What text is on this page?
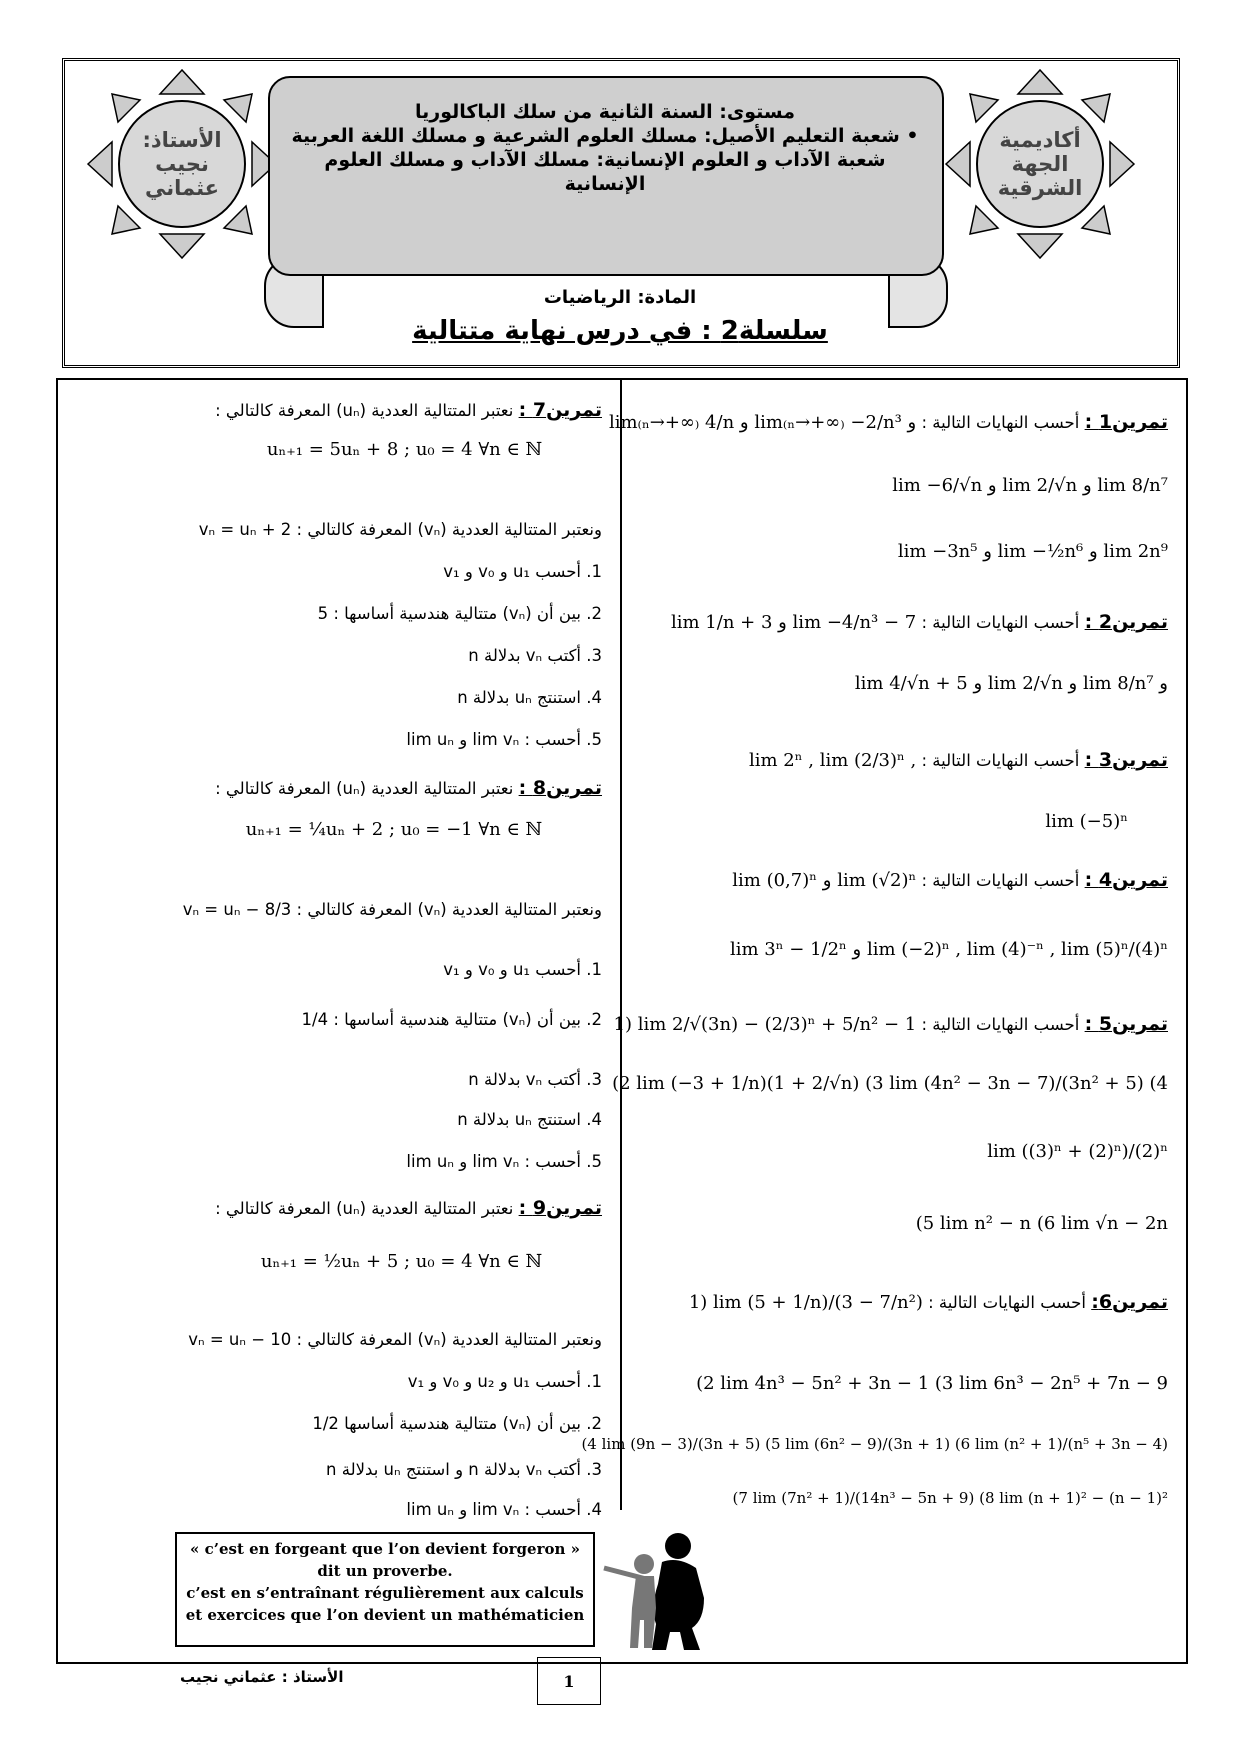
الأستاذ: نجيب عثماني
أكاديمية الجهة الشرقية
مستوى: السنة الثانية من سلك الباكالوريا
• شعبة التعليم الأصيل: مسلك العلوم الشرعية و مسلك اللغة العربية
شعبة الآداب و العلوم الإنسانية: مسلك الآداب و مسلك العلوم الإنسانية
المادة: الرياضيات
سلسلة2 : في درس نهاية متتالية
تمرين1 : أحسب النهايات التالية : lim₍ₙ→+∞₎ 4/n و lim₍ₙ→+∞₎ −2/n³ و
lim −6/√n و lim 2/√n و lim 8/n⁷
lim −3n⁵ و lim −½n⁶ و lim 2n⁹
تمرين2 : أحسب النهايات التالية : lim 1/n + 3 و lim −4/n³ − 7
lim 4/√n + 5 و lim 2/√n و lim 8/n⁷ و
تمرين3 : أحسب النهايات التالية : lim 2ⁿ , lim (2/3)ⁿ ,
lim (−5)ⁿ
تمرين4 : أحسب النهايات التالية : lim (0,7)ⁿ و lim (√2)ⁿ
lim 3ⁿ − 1/2ⁿ و lim (−2)ⁿ , lim (4)⁻ⁿ , lim (5)ⁿ/(4)ⁿ
تمرين5 : أحسب النهايات التالية : 1) lim 2/√(3n) − (2/3)ⁿ + 5/n² − 1
(2 lim (−3 + 1/n)(1 + 2/√n) (3 lim (4n² − 3n − 7)/(3n² + 5) (4
lim ((3)ⁿ + (2)ⁿ)/(2)ⁿ
(5 lim n² − n (6 lim √n − 2n
تمرين6: أحسب النهايات التالية : 1) lim (5 + 1/n)/(3 − 7/n²)
(2 lim 4n³ − 5n² + 3n − 1 (3 lim 6n³ − 2n⁵ + 7n − 9
(4 lim (9n − 3)/(3n + 5) (5 lim (6n² − 9)/(3n + 1) (6 lim (n² + 1)/(n⁵ + 3n − 4)
(7 lim (7n² + 1)/(14n³ − 5n + 9) (8 lim (n + 1)² − (n − 1)²
تمرين7 : نعتبر المتتالية العددية (uₙ) المعرفة كالتالي :
uₙ₊₁ = 5uₙ + 8 ; u₀ = 4 ∀n ∈ ℕ
ونعتبر المتتالية العددية (vₙ) المعرفة كالتالي : vₙ = uₙ + 2
1. أحسب u₁ و v₀ و v₁
2. بين أن (vₙ) متتالية هندسية أساسها : 5
3. أكتب vₙ بدلالة n
4. استنتج uₙ بدلالة n
5. أحسب : lim vₙ و lim uₙ
تمرين8 : نعتبر المتتالية العددية (uₙ) المعرفة كالتالي :
uₙ₊₁ = ¼uₙ + 2 ; u₀ = −1 ∀n ∈ ℕ
ونعتبر المتتالية العددية (vₙ) المعرفة كالتالي : vₙ = uₙ − 8/3
1. أحسب u₁ و v₀ و v₁
2. بين أن (vₙ) متتالية هندسية أساسها : 1/4
3. أكتب vₙ بدلالة n
4. استنتج uₙ بدلالة n
5. أحسب : lim vₙ و lim uₙ
تمرين9 : نعتبر المتتالية العددية (uₙ) المعرفة كالتالي :
uₙ₊₁ = ½uₙ + 5 ; u₀ = 4 ∀n ∈ ℕ
ونعتبر المتتالية العددية (vₙ) المعرفة كالتالي : vₙ = uₙ − 10
1. أحسب u₁ و u₂ و v₀ و v₁
2. بين أن (vₙ) متتالية هندسية أساسها 1/2
3. أكتب vₙ بدلالة n و استنتج uₙ بدلالة n
4. أحسب : lim vₙ و lim uₙ
« c’est en forgeant que l’on devient forgeron » dit un proverbe.
c’est en s’entraînant régulièrement aux calculs
et exercices que l’on devient un mathématicien
الأستاذ : عثماني نجيب	1
